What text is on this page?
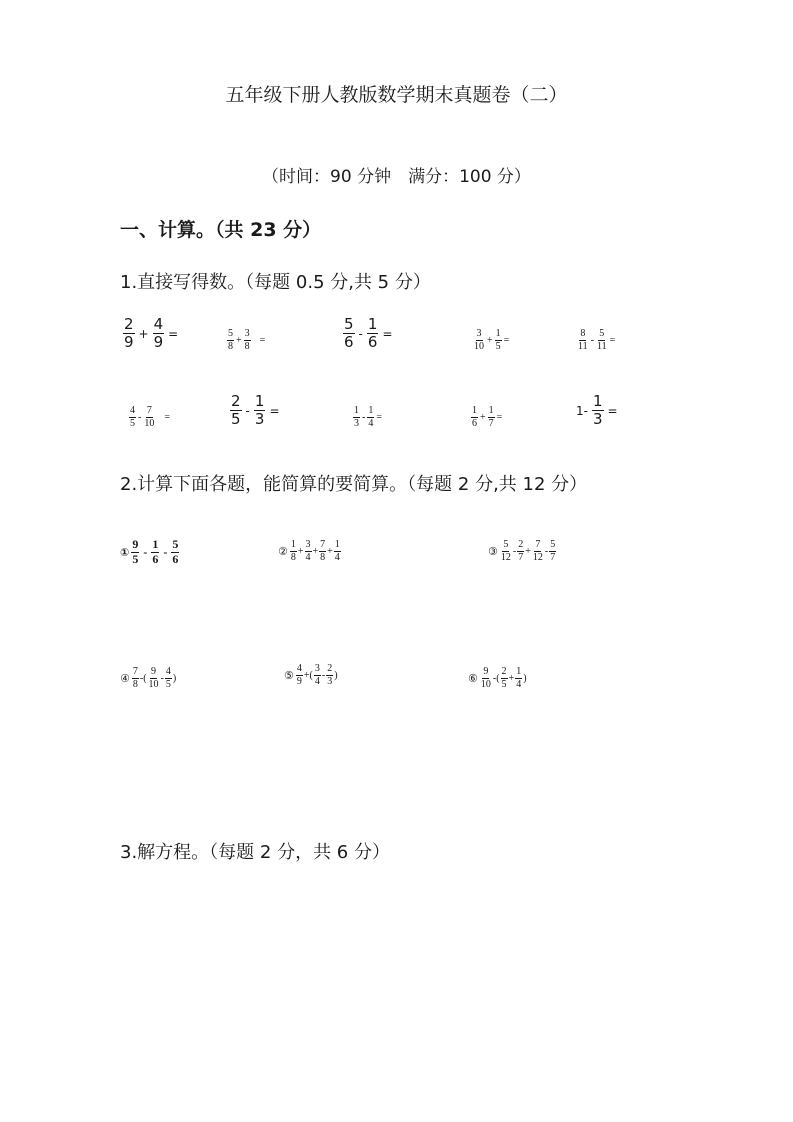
五年级下册人教版数学期末真题卷（二）
（时间：90 分钟　满分：100 分）
一、计算。（共 23 分）
1.直接写得数。（每题 0.5 分,共 5 分）
$\frac{2}{9} + \frac{4}{9}$ =	$\frac{5}{8} + \frac{3}{8}$ =	$\frac{5}{6} - \frac{1}{6}$ =	$\frac{3}{10} + \frac{1}{5}$ =	$\frac{8}{11} - \frac{5}{11}$ =
$\frac{4}{5} - \frac{7}{10}$ =	$\frac{2}{5} - \frac{1}{3}$ =	$\frac{1}{3} - \frac{1}{4}$ =	$\frac{1}{6} + \frac{1}{7}$ =	$1- \frac{1}{3}$ =
2.计算下面各题，能简算的要简算。（每题 2 分,共 12 分）
① $\frac{9}{5} - \frac{1}{6} - \frac{5}{6}$	② $\frac{1}{8} + \frac{3}{4} + \frac{7}{8} + \frac{1}{4}$	③ $\frac{5}{12} - \frac{2}{7} + \frac{7}{12} - \frac{5}{7}$
④ $\frac{7}{8}$ -( $\frac{9}{10} - \frac{4}{5}$ )	⑤ $\frac{4}{9}$ +( $\frac{3}{4} - \frac{2}{3}$ )	⑥ $\frac{9}{10}$ -( $\frac{2}{5} + \frac{1}{4}$ )
3.解方程。（每题 2 分，共 6 分）
